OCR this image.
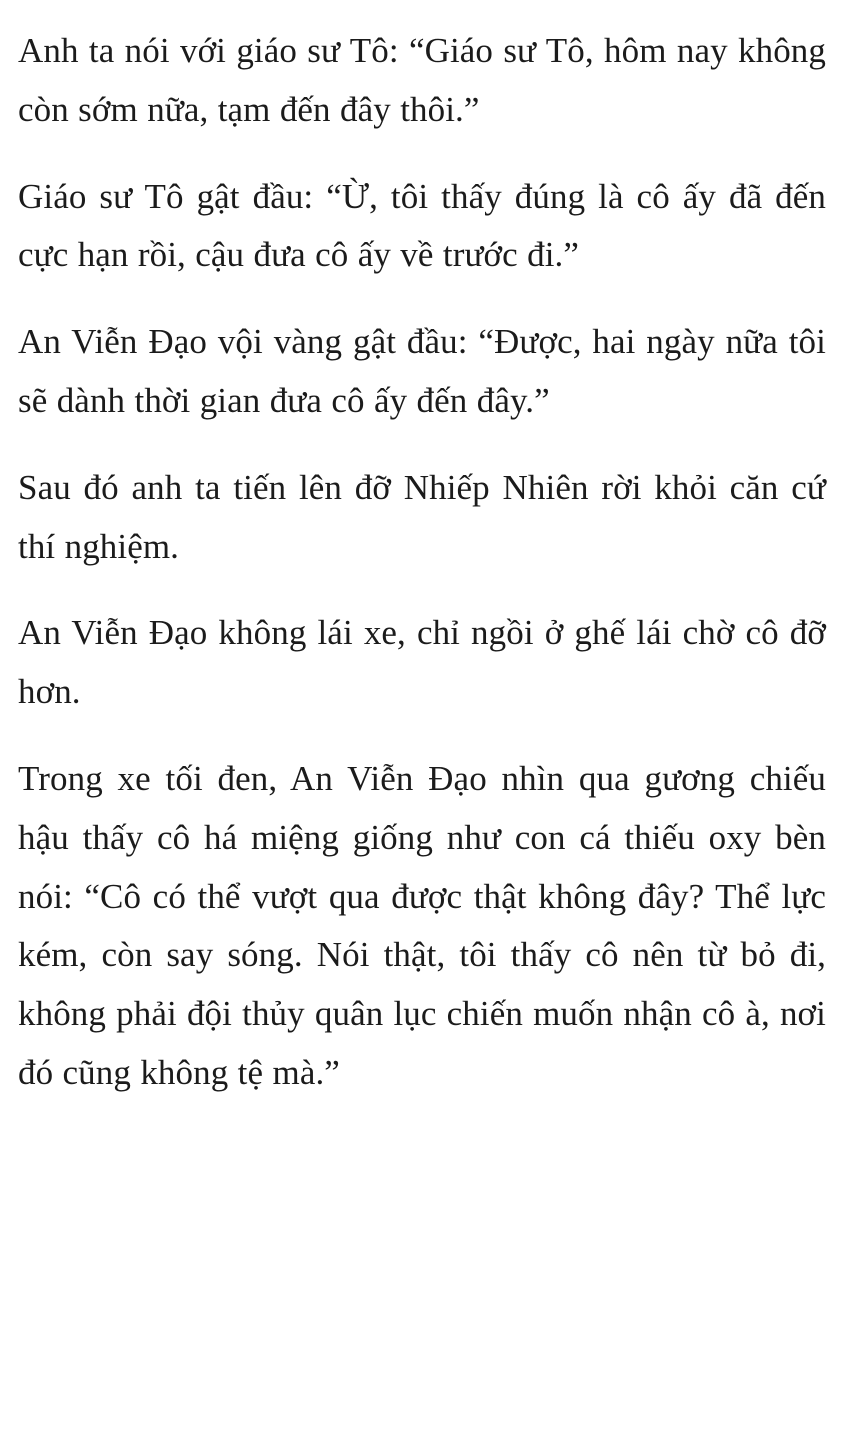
Anh ta nói với giáo sư Tô: “Giáo sư Tô, hôm nay không còn sớm nữa, tạm đến đây thôi.”

Giáo sư Tô gật đầu: “Ừ, tôi thấy đúng là cô ấy đã đến cực hạn rồi, cậu đưa cô ấy về trước đi.”

An Viễn Đạo vội vàng gật đầu: “Được, hai ngày nữa tôi sẽ dành thời gian đưa cô ấy đến đây.”

Sau đó anh ta tiến lên đỡ Nhiếp Nhiên rời khỏi căn cứ thí nghiệm.

An Viễn Đạo không lái xe, chỉ ngồi ở ghế lái chờ cô đỡ hơn.

Trong xe tối đen, An Viễn Đạo nhìn qua gương chiếu hậu thấy cô há miệng giống như con cá thiếu oxy bèn nói: “Cô có thể vượt qua được thật không đây? Thể lực kém, còn say sóng. Nói thật, tôi thấy cô nên từ bỏ đi, không phải đội thủy quân lục chiến muốn nhận cô à, nơi đó cũng không tệ mà.”
